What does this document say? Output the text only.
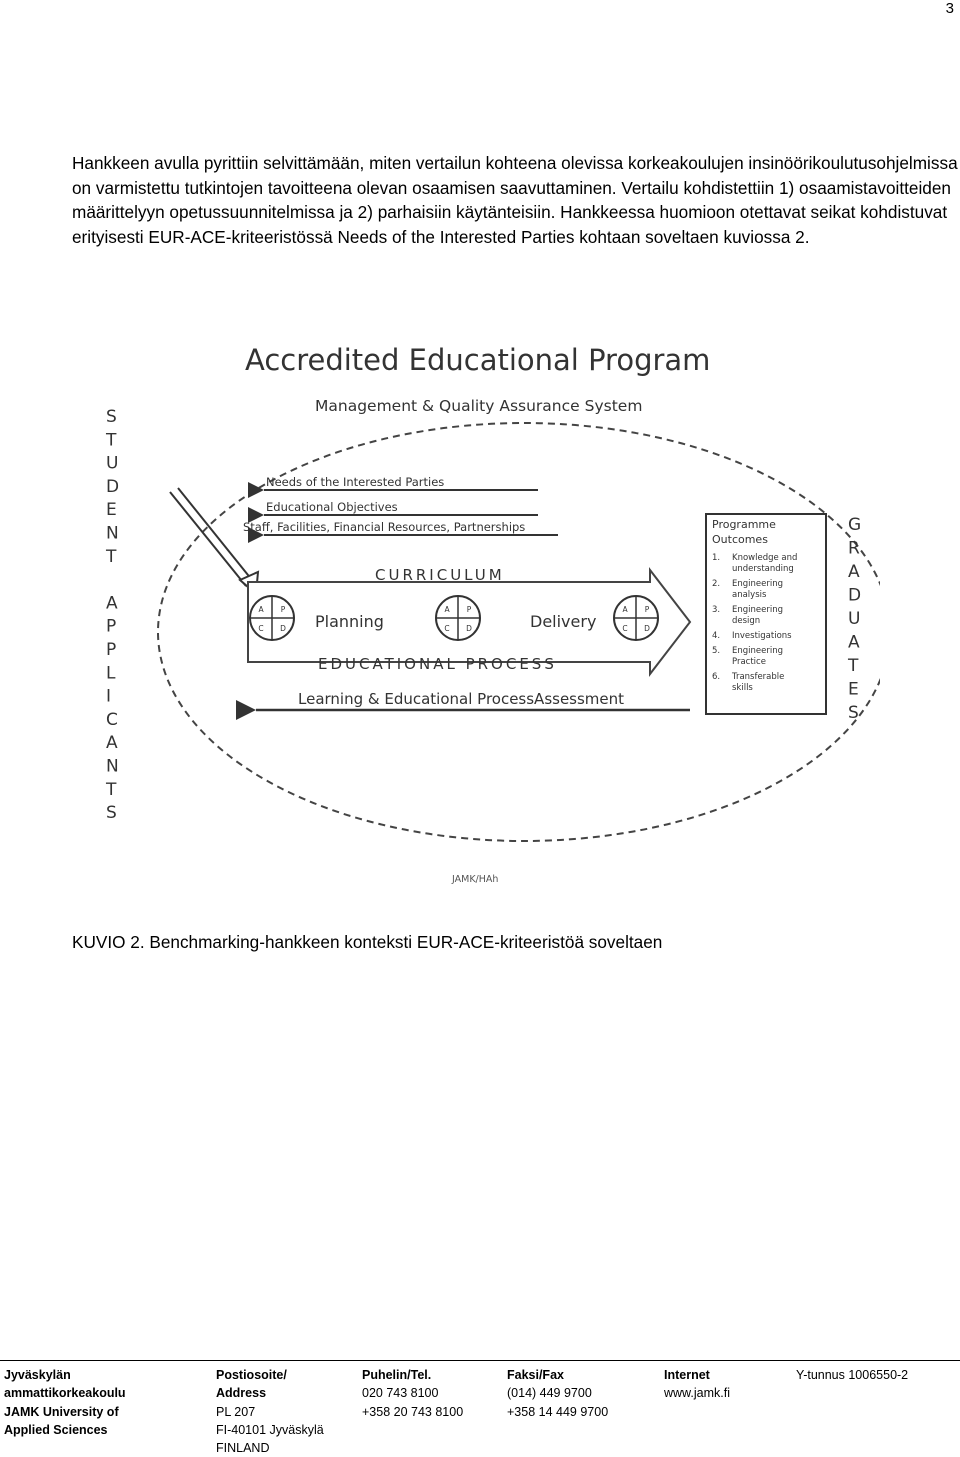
3

Hankkeen avulla pyrittiin selvittämään, miten vertailun kohteena olevissa korkeakoulujen insinöörikoulutusohjelmissa on varmistettu tutkintojen tavoitteena olevan osaamisen saavuttaminen. Vertailu kohdistettiin 1) osaamistavoitteiden määrittelyyn opetussuunnitelmissa ja 2) parhaisiin käytänteisiin. Hankkeessa huomioon otettavat seikat kohdistuvat erityisesti EUR-ACE-kriteeristössä Needs of the Interested Parties kohtaan soveltaen kuviossa 2.

Accredited Educational Program
Management & Quality Assurance System
Needs of the Interested Parties
Educational Objectives
Staff, Facilities, Financial Resources, Partnerships
CURRICULUM
Planning	Delivery
EDUCATIONAL PROCESS
A P
C D
A P
C D
A P
C D
Learning & Educational ProcessAssessment
Programme
Outcomes
1. Knowledge and
understanding
2. Engineering
analysis
3. Engineering
design
4. Investigations
5. Engineering
Practice
6. Transferable
skills
S
T
U
D
E
N
T
A
P
P
L
I
C
A
N
T
S
G
R
A
D
U
A
T
E
S
JAMK/HAh
KUVIO 2. Benchmarking-hankkeen konteksti EUR-ACE-kriteeristöä soveltaen
Jyväskylän
ammattikorkeakoulu
JAMK University of
Applied Sciences
Postiosoite/
Address
PL 207
FI-40101 Jyväskylä
FINLAND
Puhelin/Tel.
020 743 8100
+358 20 743 8100
Faksi/Fax
(014) 449 9700
+358 14 449 9700
Internet
www.jamk.fi
Y-tunnus 1006550-2
